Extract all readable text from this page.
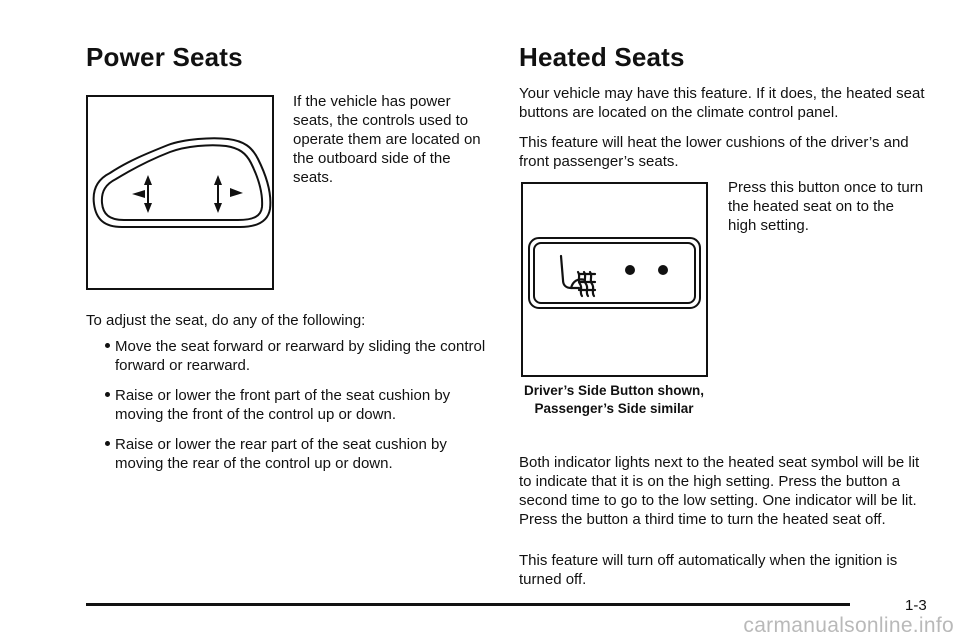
Power Seats

If the vehicle has power seats, the controls used to operate them are located on the outboard side of the seats.

To adjust the seat, do any of the following:

Move the seat forward or rearward by sliding the control forward or rearward.
Raise or lower the front part of the seat cushion by moving the front of the control up or down.
Raise or lower the rear part of the seat cushion by moving the rear of the control up or down.
Heated Seats

Your vehicle may have this feature. If it does, the heated seat buttons are located on the climate control panel.

This feature will heat the lower cushions of the driver’s and front passenger’s seats.

Press this button once to turn the heated seat on to the high setting.

Driver’s Side Button shown, Passenger’s Side similar

Both indicator lights next to the heated seat symbol will be lit to indicate that it is on the high setting. Press the button a second time to go to the low setting. One indicator will be lit. Press the button a third time to turn the heated seat off.

This feature will turn off automatically when the ignition is turned off.

1-3
carmanualsonline.info
